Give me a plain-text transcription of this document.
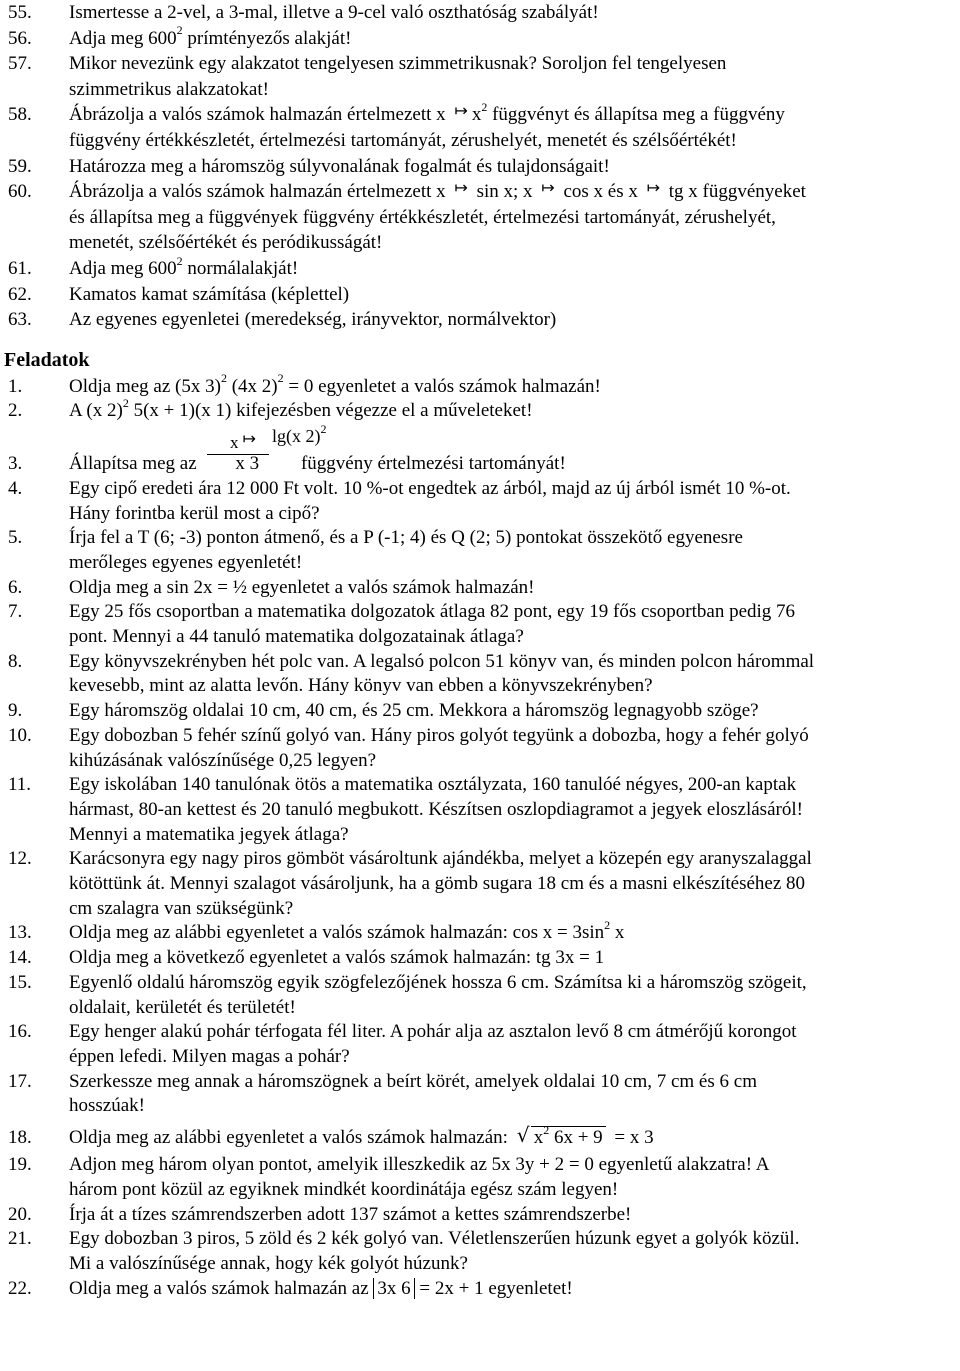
55. Ismertesse a 2-vel, a 3-mal, illetve a 9-cel való oszthatóság szabályát!
56. Adja meg $600^2$ prímtényezős alakját!
57. Mikor nevezünk egy alakzatot tengelyesen szimmetrikusnak? Soroljon fel tengelyesen
szimmetrikus alakzatokat!
58. Ábrázolja a valós számok halmazán értelmezett x ↦ $x^2$ függvényt és állapítsa meg a függvény
függvény értékkészletét, értelmezési tartományát, zérushelyét, menetét és szélsőértékét!
59. Határozza meg a háromszög súlyvonalának fogalmát és tulajdonságait!
60. Ábrázolja a valós számok halmazán értelmezett x ↦ sin x; x ↦ cos x és x ↦ tg x függvényeket
és állapítsa meg a függvények függvény értékkészletét, értelmezési tartományát, zérushelyét,
menetét, szélsőértékét és peródikusságát!
61. Adja meg $600^2$ normálalakját!
62. Kamatos kamat számítása (képlettel)
63. Az egyenes egyenletei (meredekség, irányvektor, normálvektor)
Feladatok
1. Oldja meg az (5x 3)$^2$ (4x 2)$^2$ = 0 egyenletet a valós számok halmazán!
2. A (x 2)$^2$ 5(x + 1)(x 1) kifejezésben végezze el a műveleteket!
x ↦ lg(x 2)$^2$
3. Állapítsa meg az x 3 függvény értelmezési tartományát!
4. Egy cipő eredeti ára 12 000 Ft volt. 10 %-ot engedtek az árból, majd az új árból ismét 10 %-ot.
Hány forintba kerül most a cipő?
5. Írja fel a T (6; -3) ponton átmenő, és a P (-1; 4) és Q (2; 5) pontokat összekötő egyenesre
merőleges egyenes egyenletét!
6. Oldja meg a sin 2x = ½ egyenletet a valós számok halmazán!
7. Egy 25 fős csoportban a matematika dolgozatok átlaga 82 pont, egy 19 fős csoportban pedig 76
pont. Mennyi a 44 tanuló matematika dolgozatainak átlaga?
8. Egy könyvszekrényben hét polc van. A legalsó polcon 51 könyv van, és minden polcon hárommal
kevesebb, mint az alatta levőn. Hány könyv van ebben a könyvszekrényben?
9. Egy háromszög oldalai 10 cm, 40 cm, és 25 cm. Mekkora a háromszög legnagyobb szöge?
10. Egy dobozban 5 fehér színű golyó van. Hány piros golyót tegyünk a dobozba, hogy a fehér golyó
kihúzásának valószínűsége 0,25 legyen?
11. Egy iskolában 140 tanulónak ötös a matematika osztályzata, 160 tanulóé négyes, 200-an kaptak
hármast, 80-an kettest és 20 tanuló megbukott. Készítsen oszlopdiagramot a jegyek eloszlásáról!
Mennyi a matematika jegyek átlaga?
12. Karácsonyra egy nagy piros gömböt vásároltunk ajándékba, melyet a közepén egy aranyszalaggal
kötöttünk át. Mennyi szalagot vásároljunk, ha a gömb sugara 18 cm és a masni elkészítéséhez 80
cm szalagra van szükségünk?
13. Oldja meg az alábbi egyenletet a valós számok halmazán: $\cos x = 3\sin^2$ x
14. Oldja meg a következő egyenletet a valós számok halmazán: tg 3x = 1
15. Egyenlő oldalú háromszög egyik szögfelezőjének hossza 6 cm. Számítsa ki a háromszög szögeit,
oldalait, kerületét és területét!
16. Egy henger alakú pohár térfogata fél liter. A pohár alja az asztalon levő 8 cm átmérőjű korongot
éppen lefedi. Milyen magas a pohár?
17. Szerkessze meg annak a háromszögnek a beírt körét, amelyek oldalai 10 cm, 7 cm és 6 cm
hosszúak!
18. Oldja meg az alábbi egyenletet a valós számok halmazán: √ $x^2$ 6x + 9 = x 3
19. Adjon meg három olyan pontot, amelyik illeszkedik az 5x 3y + 2 = 0 egyenletű alakzatra! A
három pont közül az egyiknek mindkét koordinátája egész szám legyen!
20. Írja át a tízes számrendszerben adott 137 számot a kettes számrendszerbe!
21. Egy dobozban 3 piros, 5 zöld és 2 kék golyó van. Véletlenszerűen húzunk egyet a golyók közül.
Mi a valószínűsége annak, hogy kék golyót húzunk?
22. Oldja meg a valós számok halmazán az 3x 6 = 2x + 1 egyenletet!
